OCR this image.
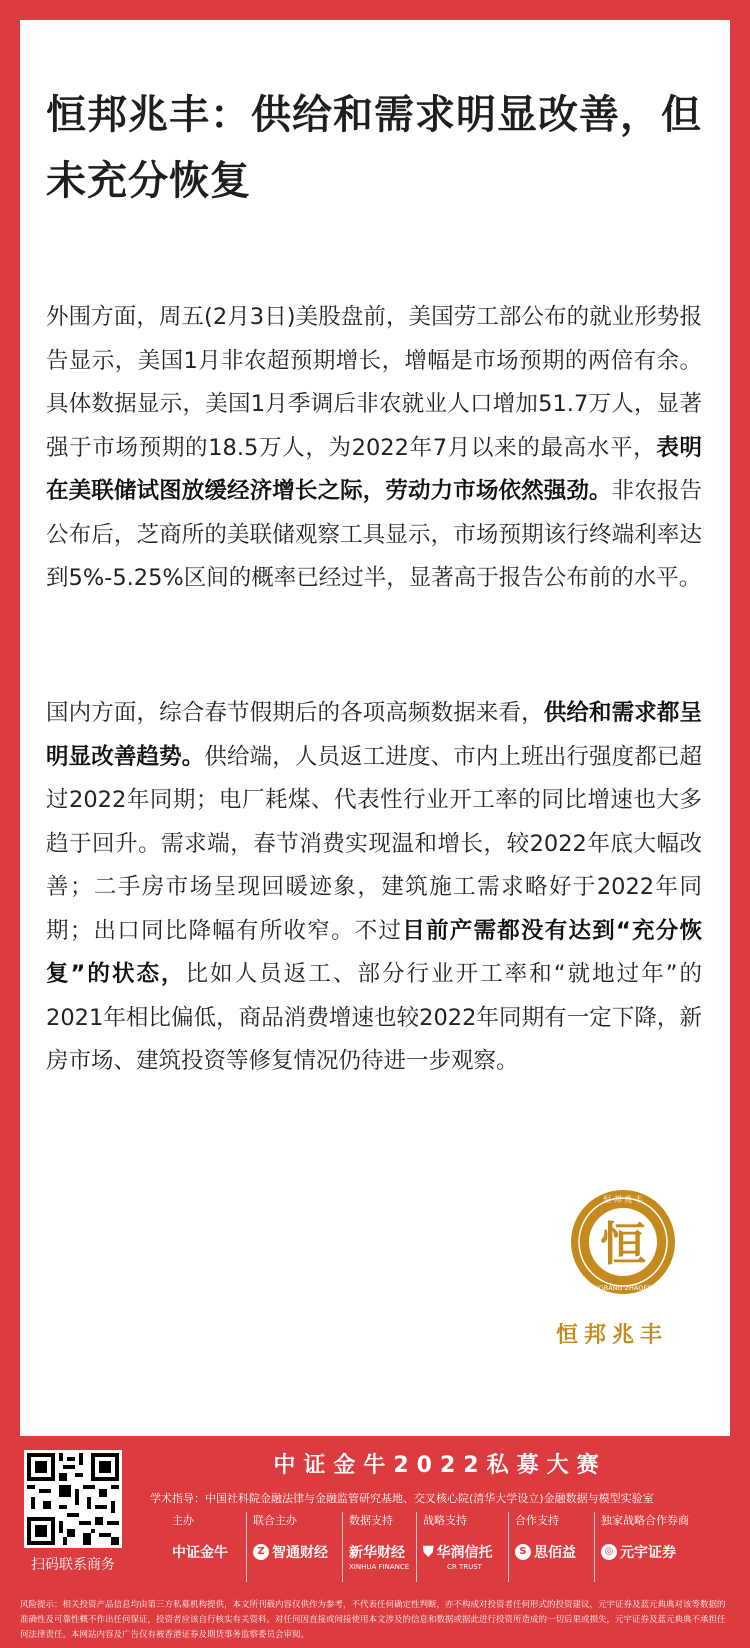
恒邦兆丰：供给和需求明显改善，但未充分恢复

外围方面，周五(2月3日)美股盘前，美国劳工部公布的就业形势报告显示，美国1月非农超预期增长，增幅是市场预期的两倍有余。具体数据显示，美国1月季调后非农就业人口增加51.7万人，显著强于市场预期的18.5万人，为2022年7月以来的最高水平，表明在美联储试图放缓经济增长之际，劳动力市场依然强劲。非农报告公布后，芝商所的美联储观察工具显示，市场预期该行终端利率达到5%-5.25%区间的概率已经过半，显著高于报告公布前的水平。

国内方面，综合春节假期后的各项高频数据来看，供给和需求都呈明显改善趋势。供给端，人员返工进度、市内上班出行强度都已超过2022年同期；电厂耗煤、代表性行业开工率的同比增速也大多趋于回升。需求端，春节消费实现温和增长，较2022年底大幅改善；二手房市场呈现回暖迹象，建筑施工需求略好于2022年同期；出口同比降幅有所收窄。不过目前产需都没有达到“充分恢复”的状态，比如人员返工、部分行业开工率和“就地过年”的2021年相比偏低，商品消费增速也较2022年同期有一定下降，新房市场、建筑投资等修复情况仍待进一步观察。

恒
恒 邦 兆 丰
HENGBANG ZHAOFENG
恒邦兆丰
扫码联系商务
中证金牛2022私募大赛
学术指导：中国社科院金融法律与金融监管研究基地、交叉核心院(清华大学设立)金融数据与模型实验室
主办
中证金牛
联合主办
Z 智通财经
数据支持
新华财经
XINHUA FINANCE
战略支持
⛊ 华润信托
CR TRUST
合作支持
S 思佰益
独家战略合作券商
◎ 元宇证券
风险提示：相关投资产品信息均由第三方私募机构提供，本文所刊载内容仅供作为参考，不代表任何确定性判断，亦不构成对投资者任何形式的投资建议，元宇证券及蓝元典典对该等数据的准确性及可靠性概不作出任何保证，投资者应该自行核实有关资料。对任何因直接或间接使用本文涉及的信息和数据或据此进行投资所造成的一切后果或损失，元宇证券及蓝元典典不承担任何法律责任。本网站内容及广告仅有被香港证券及期货事务监察委员会审阅。
